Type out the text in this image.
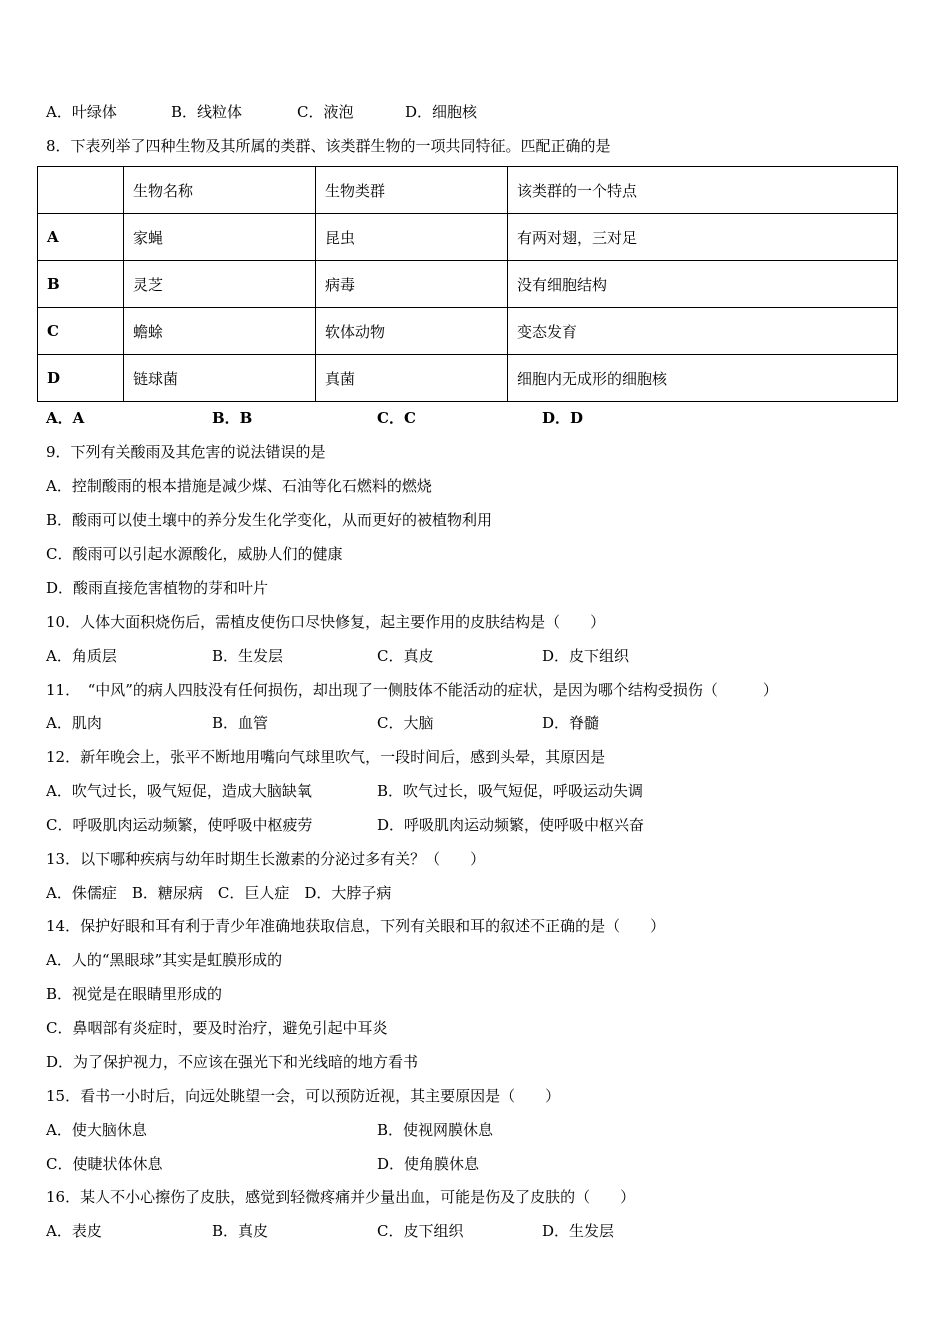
A．叶绿体	B．线粒体	C．液泡	D．细胞核
8．下表列举了四种生物及其所属的类群、该类群生物的一项共同特征。匹配正确的是
	生物名称	生物类群	该类群的一个特点
A	家蝇	昆虫	有两对翅，三对足
B	灵芝	病毒	没有细胞结构
C	蟾蜍	软体动物	变态发育
D	链球菌	真菌	细胞内无成形的细胞核
A．A	B．B	C．C	D．D
9．下列有关酸雨及其危害的说法错误的是
A．控制酸雨的根本措施是减少煤、石油等化石燃料的燃烧
B．酸雨可以使土壤中的养分发生化学变化，从而更好的被植物利用
C．酸雨可以引起水源酸化，威胁人们的健康
D．酸雨直接危害植物的芽和叶片
10．人体大面积烧伤后，需植皮使伤口尽快修复，起主要作用的皮肤结构是（　　）
A．角质层	B．生发层	C．真皮	D．皮下组织
11．　“中风”的病人四肢没有任何损伤，却出现了一侧肢体不能活动的症状，是因为哪个结构受损伤（　　　）
A．肌肉	B．血管	C．大脑	D．脊髓
12．新年晚会上，张平不断地用嘴向气球里吹气，一段时间后，感到头晕，其原因是
A．吹气过长，吸气短促，造成大脑缺氧	B．吹气过长，吸气短促，呼吸运动失调
C．呼吸肌肉运动频繁，使呼吸中枢疲劳	D．呼吸肌肉运动频繁，使呼吸中枢兴奋
13．以下哪种疾病与幼年时期生长激素的分泌过多有关？（　　）
A．侏儒症　B．糖尿病　C．巨人症　D．大脖子病
14．保护好眼和耳有利于青少年准确地获取信息，下列有关眼和耳的叙述不正确的是（　　）
A．人的“黑眼球”其实是虹膜形成的
B．视觉是在眼睛里形成的
C．鼻咽部有炎症时，要及时治疗，避免引起中耳炎
D．为了保护视力，不应该在强光下和光线暗的地方看书
15．看书一小时后，向远处眺望一会，可以预防近视，其主要原因是（　　）
A．使大脑休息	B．使视网膜休息
C．使睫状体休息	D．使角膜休息
16．某人不小心擦伤了皮肤，感觉到轻微疼痛并少量出血，可能是伤及了皮肤的（　　）
A．表皮	B．真皮	C．皮下组织	D．生发层
